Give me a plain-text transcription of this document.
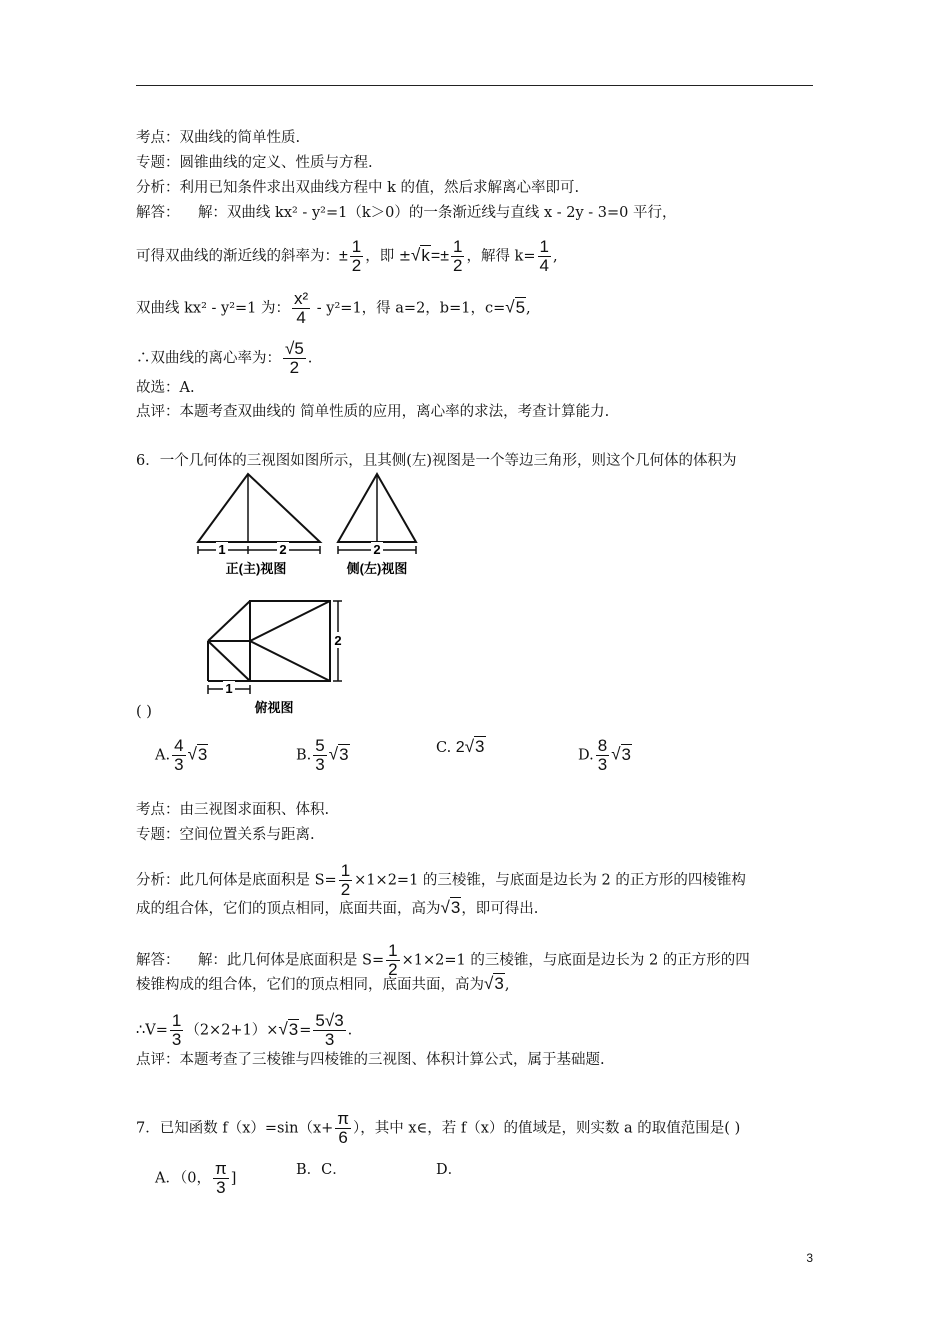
考点：双曲线的简单性质.
专题：圆锥曲线的定义、性质与方程.
分析：利用已知条件求出双曲线方程中 k 的值，然后求解离心率即可.
解答： 解：双曲线 kx² - y²=1（k＞0）的一条渐近线与直线 x - 2y - 3=0 平行，
可得双曲线的渐近线的斜率为：± $\frac{1}{2}$ ，即 $\pm√k=\pm \frac{1}{2}$ ，解得 $k= \frac{1}{4}$ ,
双曲线 kx² - y²=1 为： $\frac{\text{x²}}{4} - y^2=1$，得 a=2，b=1，c=√5,
∴双曲线的离心率为： $\frac{√5}{2}$ .
故选：A.
点评：本题考查双曲线的 简单性质的应用，离心率的求法，考查计算能力.
6．一个几何体的三视图如图所示，且其侧(左)视图是一个等边三角形，则这个几何体的体积为
1	2
正(主)视图
2
侧(左)视图
2
1
俯视图
( )
A. $\frac{4}{3} √3$	B. $\frac{5}{3} √3$	C. 2√3	D. $\frac{8}{3} √3$
考点：由三视图求面积、体积.
专题：空间位置关系与距离.
分析：此几何体是底面积是 $S= \frac{1}{2} \times 1\times 2=1$ 的三棱锥，与底面是边长为 2 的正方形的四棱锥构
成的组合体，它们的顶点相同，底面共面，高为√3，即可得出.
解答： 解：此几何体是底面积是 $S= \frac{1}{2} \times 1\times 2=1$ 的三棱锥，与底面是边长为 2 的正方形的四
棱锥构成的组合体，它们的顶点相同，底面共面，高为√3,
∴V= $\frac{1}{3} (2\times 2+1)\times√3= \frac{5√3}{3}$ .
点评：本题考查了三棱锥与四棱锥的三视图、体积计算公式，属于基础题.
7．已知函数 $f(x)=\sin(x+ \frac{\pi}{6}$ ），其中 x∈，若 f（x）的值域是，则实数 a 的取值范围是( )
A．（0， $\frac{\pi}{3}$ ]
B．C．	D．
3
